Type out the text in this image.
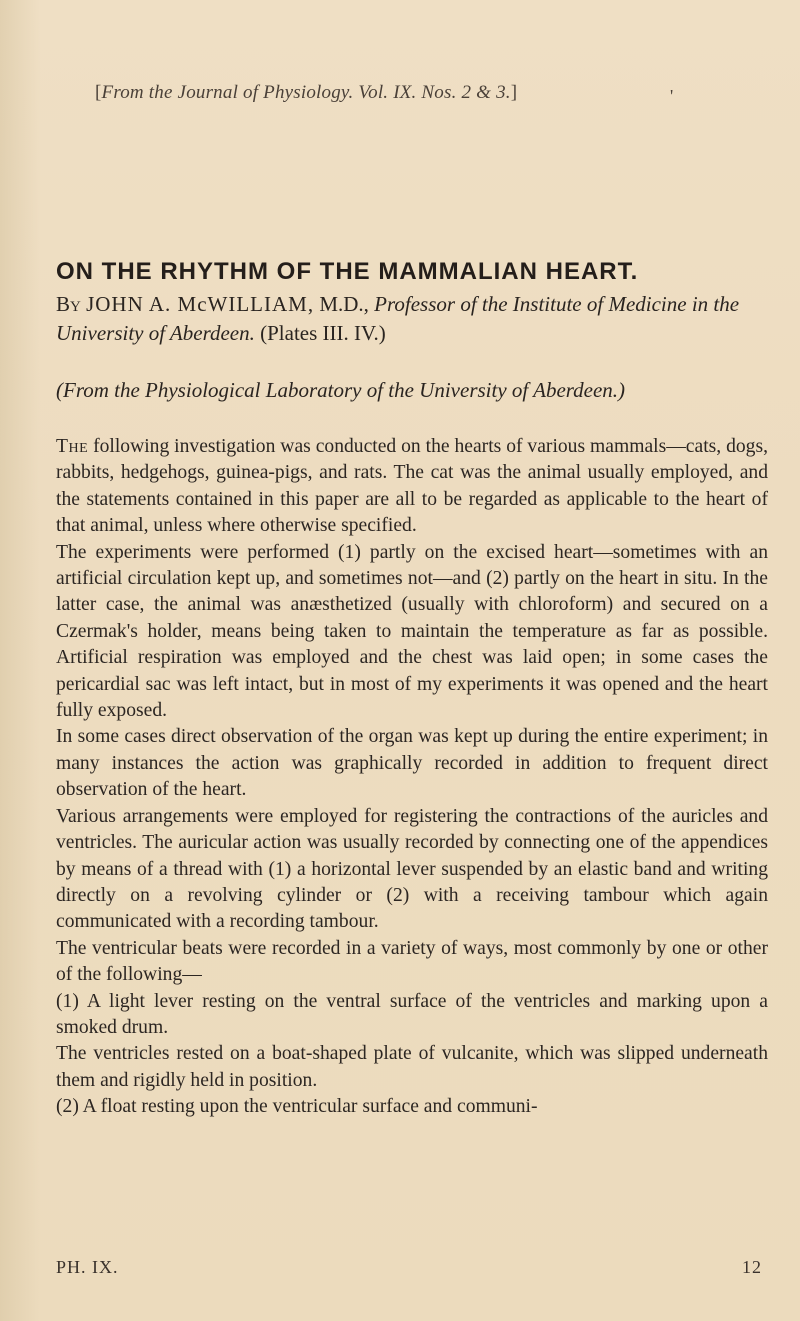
[From the Journal of Physiology. Vol. IX. Nos. 2 & 3.]	'
ON THE RHYTHM OF THE MAMMALIAN HEART.
By JOHN A. McWILLIAM, M.D., Professor of the Institute of Medicine in the University of Aberdeen. (Plates III. IV.)
(From the Physiological Laboratory of the University of Aberdeen.)

The following investigation was conducted on the hearts of various mammals—cats, dogs, rabbits, hedgehogs, guinea-pigs, and rats. The cat was the animal usually employed, and the statements contained in this paper are all to be regarded as applicable to the heart of that animal, unless where otherwise specified.

The experiments were performed (1) partly on the excised heart—sometimes with an artificial circulation kept up, and sometimes not—and (2) partly on the heart in situ. In the latter case, the animal was anæsthetized (usually with chloroform) and secured on a Czermak's holder, means being taken to maintain the temperature as far as possible. Artificial respiration was employed and the chest was laid open; in some cases the pericardial sac was left intact, but in most of my experiments it was opened and the heart fully exposed.

In some cases direct observation of the organ was kept up during the entire experiment; in many instances the action was graphically recorded in addition to frequent direct observation of the heart.

Various arrangements were employed for registering the contractions of the auricles and ventricles. The auricular action was usually recorded by connecting one of the appendices by means of a thread with (1) a horizontal lever suspended by an elastic band and writing directly on a revolving cylinder or (2) with a receiving tambour which again communicated with a recording tambour.

The ventricular beats were recorded in a variety of ways, most commonly by one or other of the following—

(1) A light lever resting on the ventral surface of the ventricles and marking upon a smoked drum.

The ventricles rested on a boat-shaped plate of vulcanite, which was slipped underneath them and rigidly held in position.

(2) A float resting upon the ventricular surface and communi-

PH. IX.	12
